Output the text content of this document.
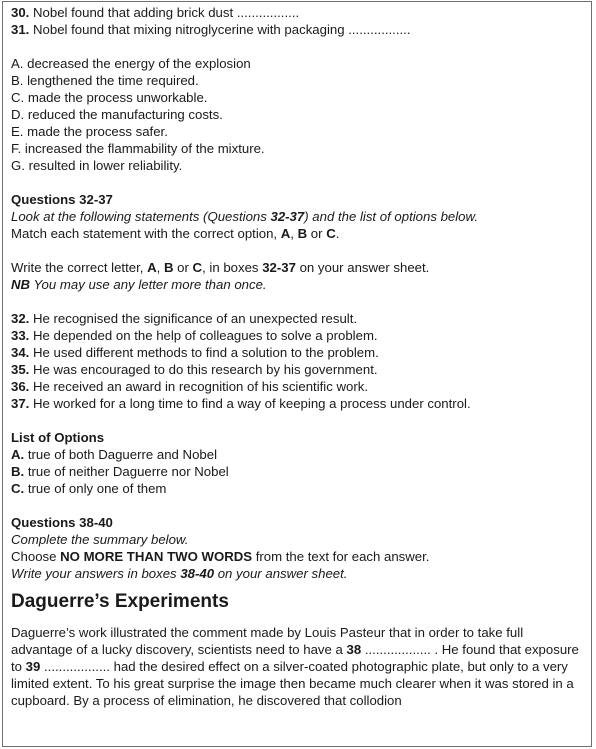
30. Nobel found that adding brick dust .................
31. Nobel found that mixing nitroglycerine with packaging .................
A. decreased the energy of the explosion
B. lengthened the time required.
C. made the process unworkable.
D. reduced the manufacturing costs.
E. made the process safer.
F. increased the flammability of the mixture.
G. resulted in lower reliability.
Questions 32-37
Look at the following statements (Questions 32-37) and the list of options below.
Match each statement with the correct option, A, B or C.
Write the correct letter, A, B or C, in boxes 32-37 on your answer sheet.
NB You may use any letter more than once.
32. He recognised the significance of an unexpected result.
33. He depended on the help of colleagues to solve a problem.
34. He used different methods to find a solution to the problem.
35. He was encouraged to do this research by his government.
36. He received an award in recognition of his scientific work.
37. He worked for a long time to find a way of keeping a process under control.
List of Options
A. true of both Daguerre and Nobel
B. true of neither Daguerre nor Nobel
C. true of only one of them
Questions 38-40
Complete the summary below.
Choose NO MORE THAN TWO WORDS from the text for each answer.
Write your answers in boxes 38-40 on your answer sheet.
Daguerre’s Experiments
Daguerre’s work illustrated the comment made by Louis Pasteur that in order to take full advantage of a lucky discovery, scientists need to have a 38 .................. . He found that exposure to 39 .................. had the desired effect on a silver-coated photographic plate, but only to a very limited extent. To his great surprise the image then became much clearer when it was stored in a cupboard. By a process of elimination, he discovered that collodion
